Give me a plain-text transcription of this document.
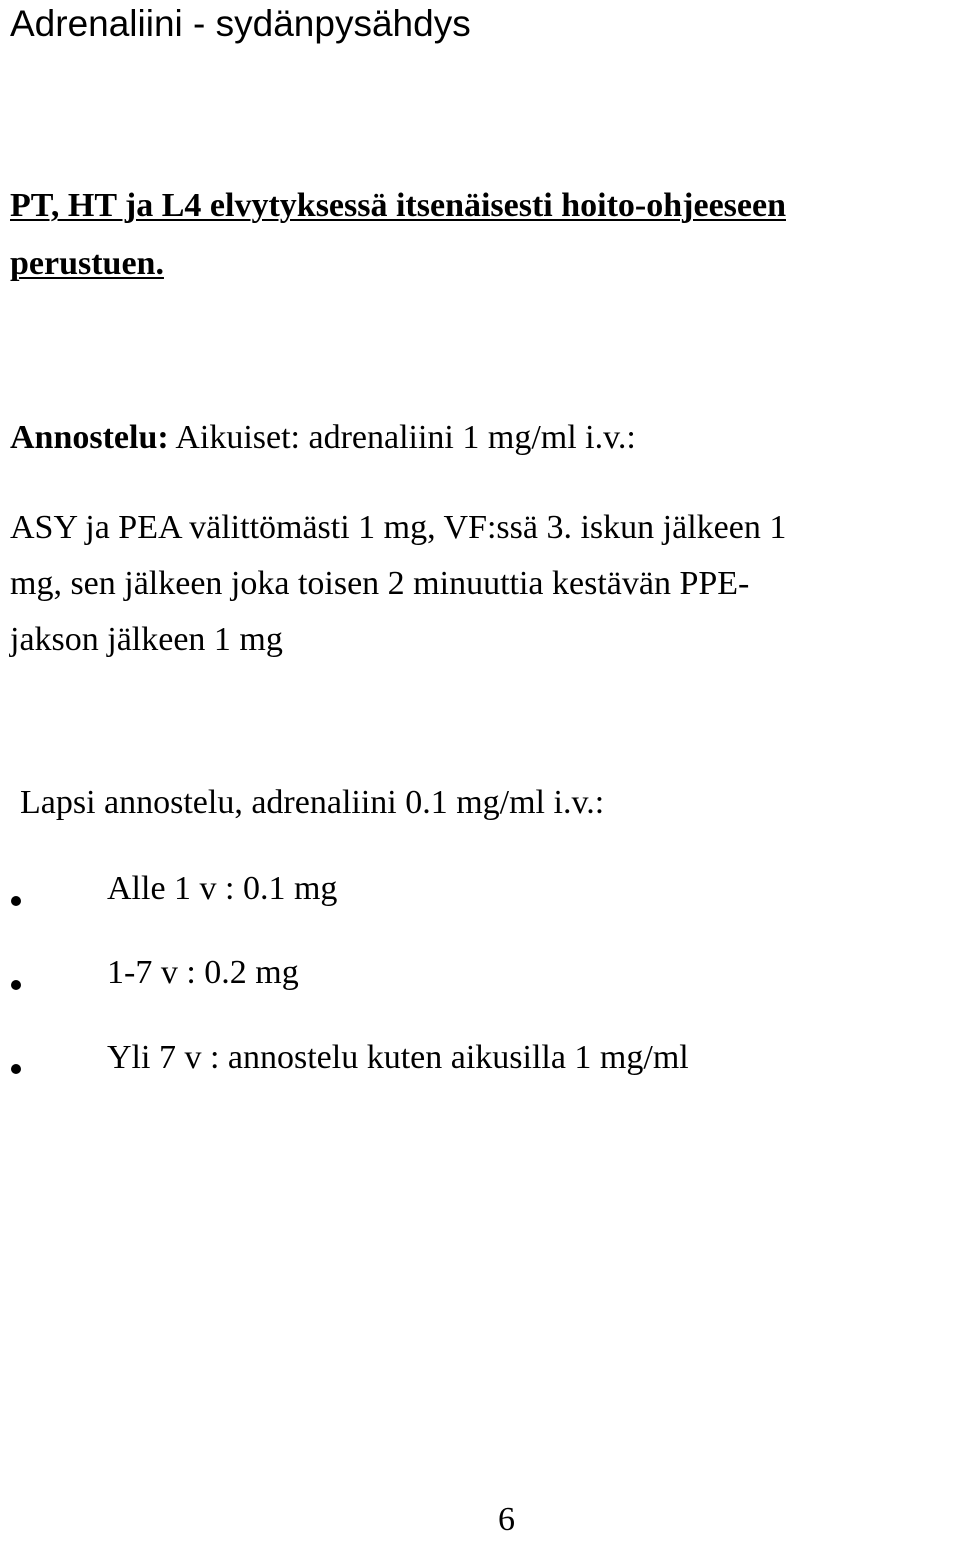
Adrenaliini - sydänpysähdys
PT, HT ja L4 elvytyksessä itsenäisesti hoito-ohjeeseen
perustuen.
Annostelu: Aikuiset: adrenaliini 1 mg/ml i.v.:
ASY ja PEA välittömästi 1 mg, VF:ssä 3. iskun jälkeen 1
mg, sen jälkeen joka toisen 2 minuuttia kestävän PPE-
jakson jälkeen 1 mg
Lapsi annostelu, adrenaliini 0.1 mg/ml i.v.:
Alle 1 v : 0.1 mg
1-7 v : 0.2 mg
Yli 7 v : annostelu kuten aikusilla 1 mg/ml
6
